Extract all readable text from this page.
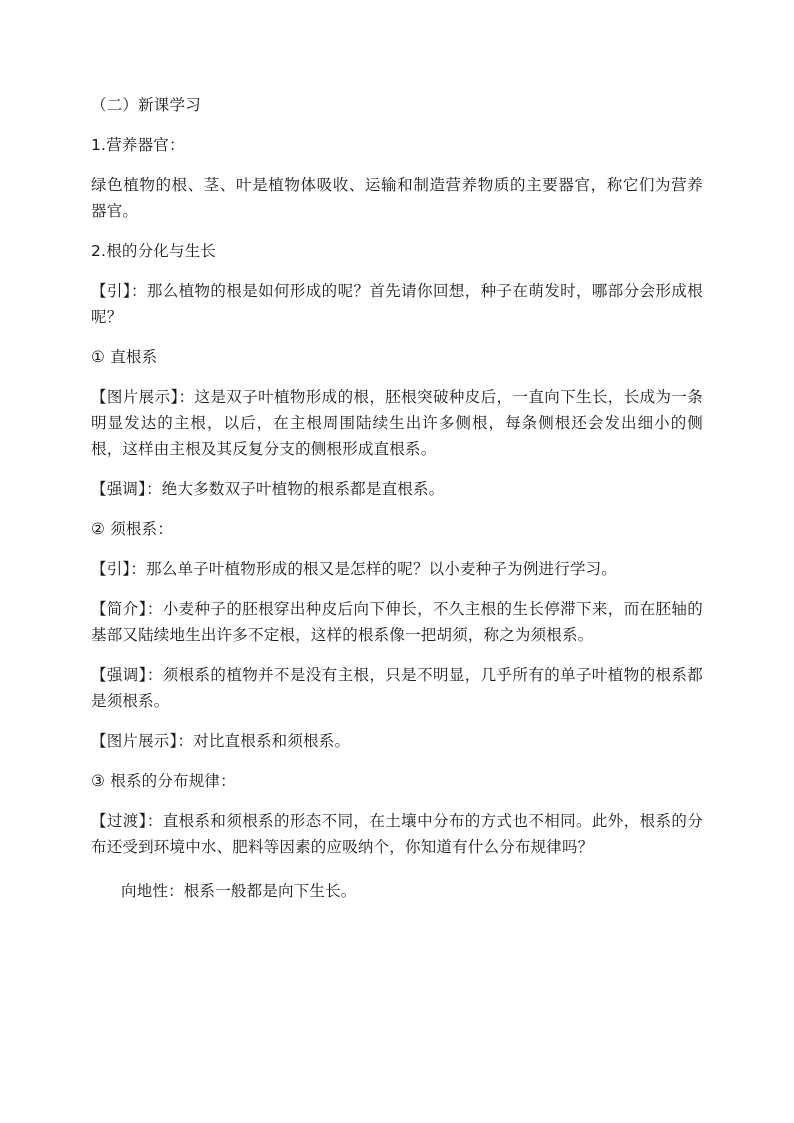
（二）新课学习

1.营养器官：

绿色植物的根、茎、叶是植物体吸收、运输和制造营养物质的主要器官，称它们为营养器官。

2.根的分化与生长

【引】：那么植物的根是如何形成的呢？首先请你回想，种子在萌发时，哪部分会形成根呢？

① 直根系

【图片展示】：这是双子叶植物形成的根，胚根突破种皮后，一直向下生长，长成为一条明显发达的主根，以后，在主根周围陆续生出许多侧根，每条侧根还会发出细小的侧根，这样由主根及其反复分支的侧根形成直根系。

【强调】：绝大多数双子叶植物的根系都是直根系。

② 须根系：

【引】：那么单子叶植物形成的根又是怎样的呢？以小麦种子为例进行学习。

【简介】：小麦种子的胚根穿出种皮后向下伸长，不久主根的生长停滞下来，而在胚轴的基部又陆续地生出许多不定根，这样的根系像一把胡须，称之为须根系。

【强调】：须根系的植物并不是没有主根，只是不明显，几乎所有的单子叶植物的根系都是须根系。

【图片展示】：对比直根系和须根系。

③ 根系的分布规律：

【过渡】：直根系和须根系的形态不同，在土壤中分布的方式也不相同。此外，根系的分布还受到环境中水、肥料等因素的应吸纳个，你知道有什么分布规律吗？

向地性：根系一般都是向下生长。
